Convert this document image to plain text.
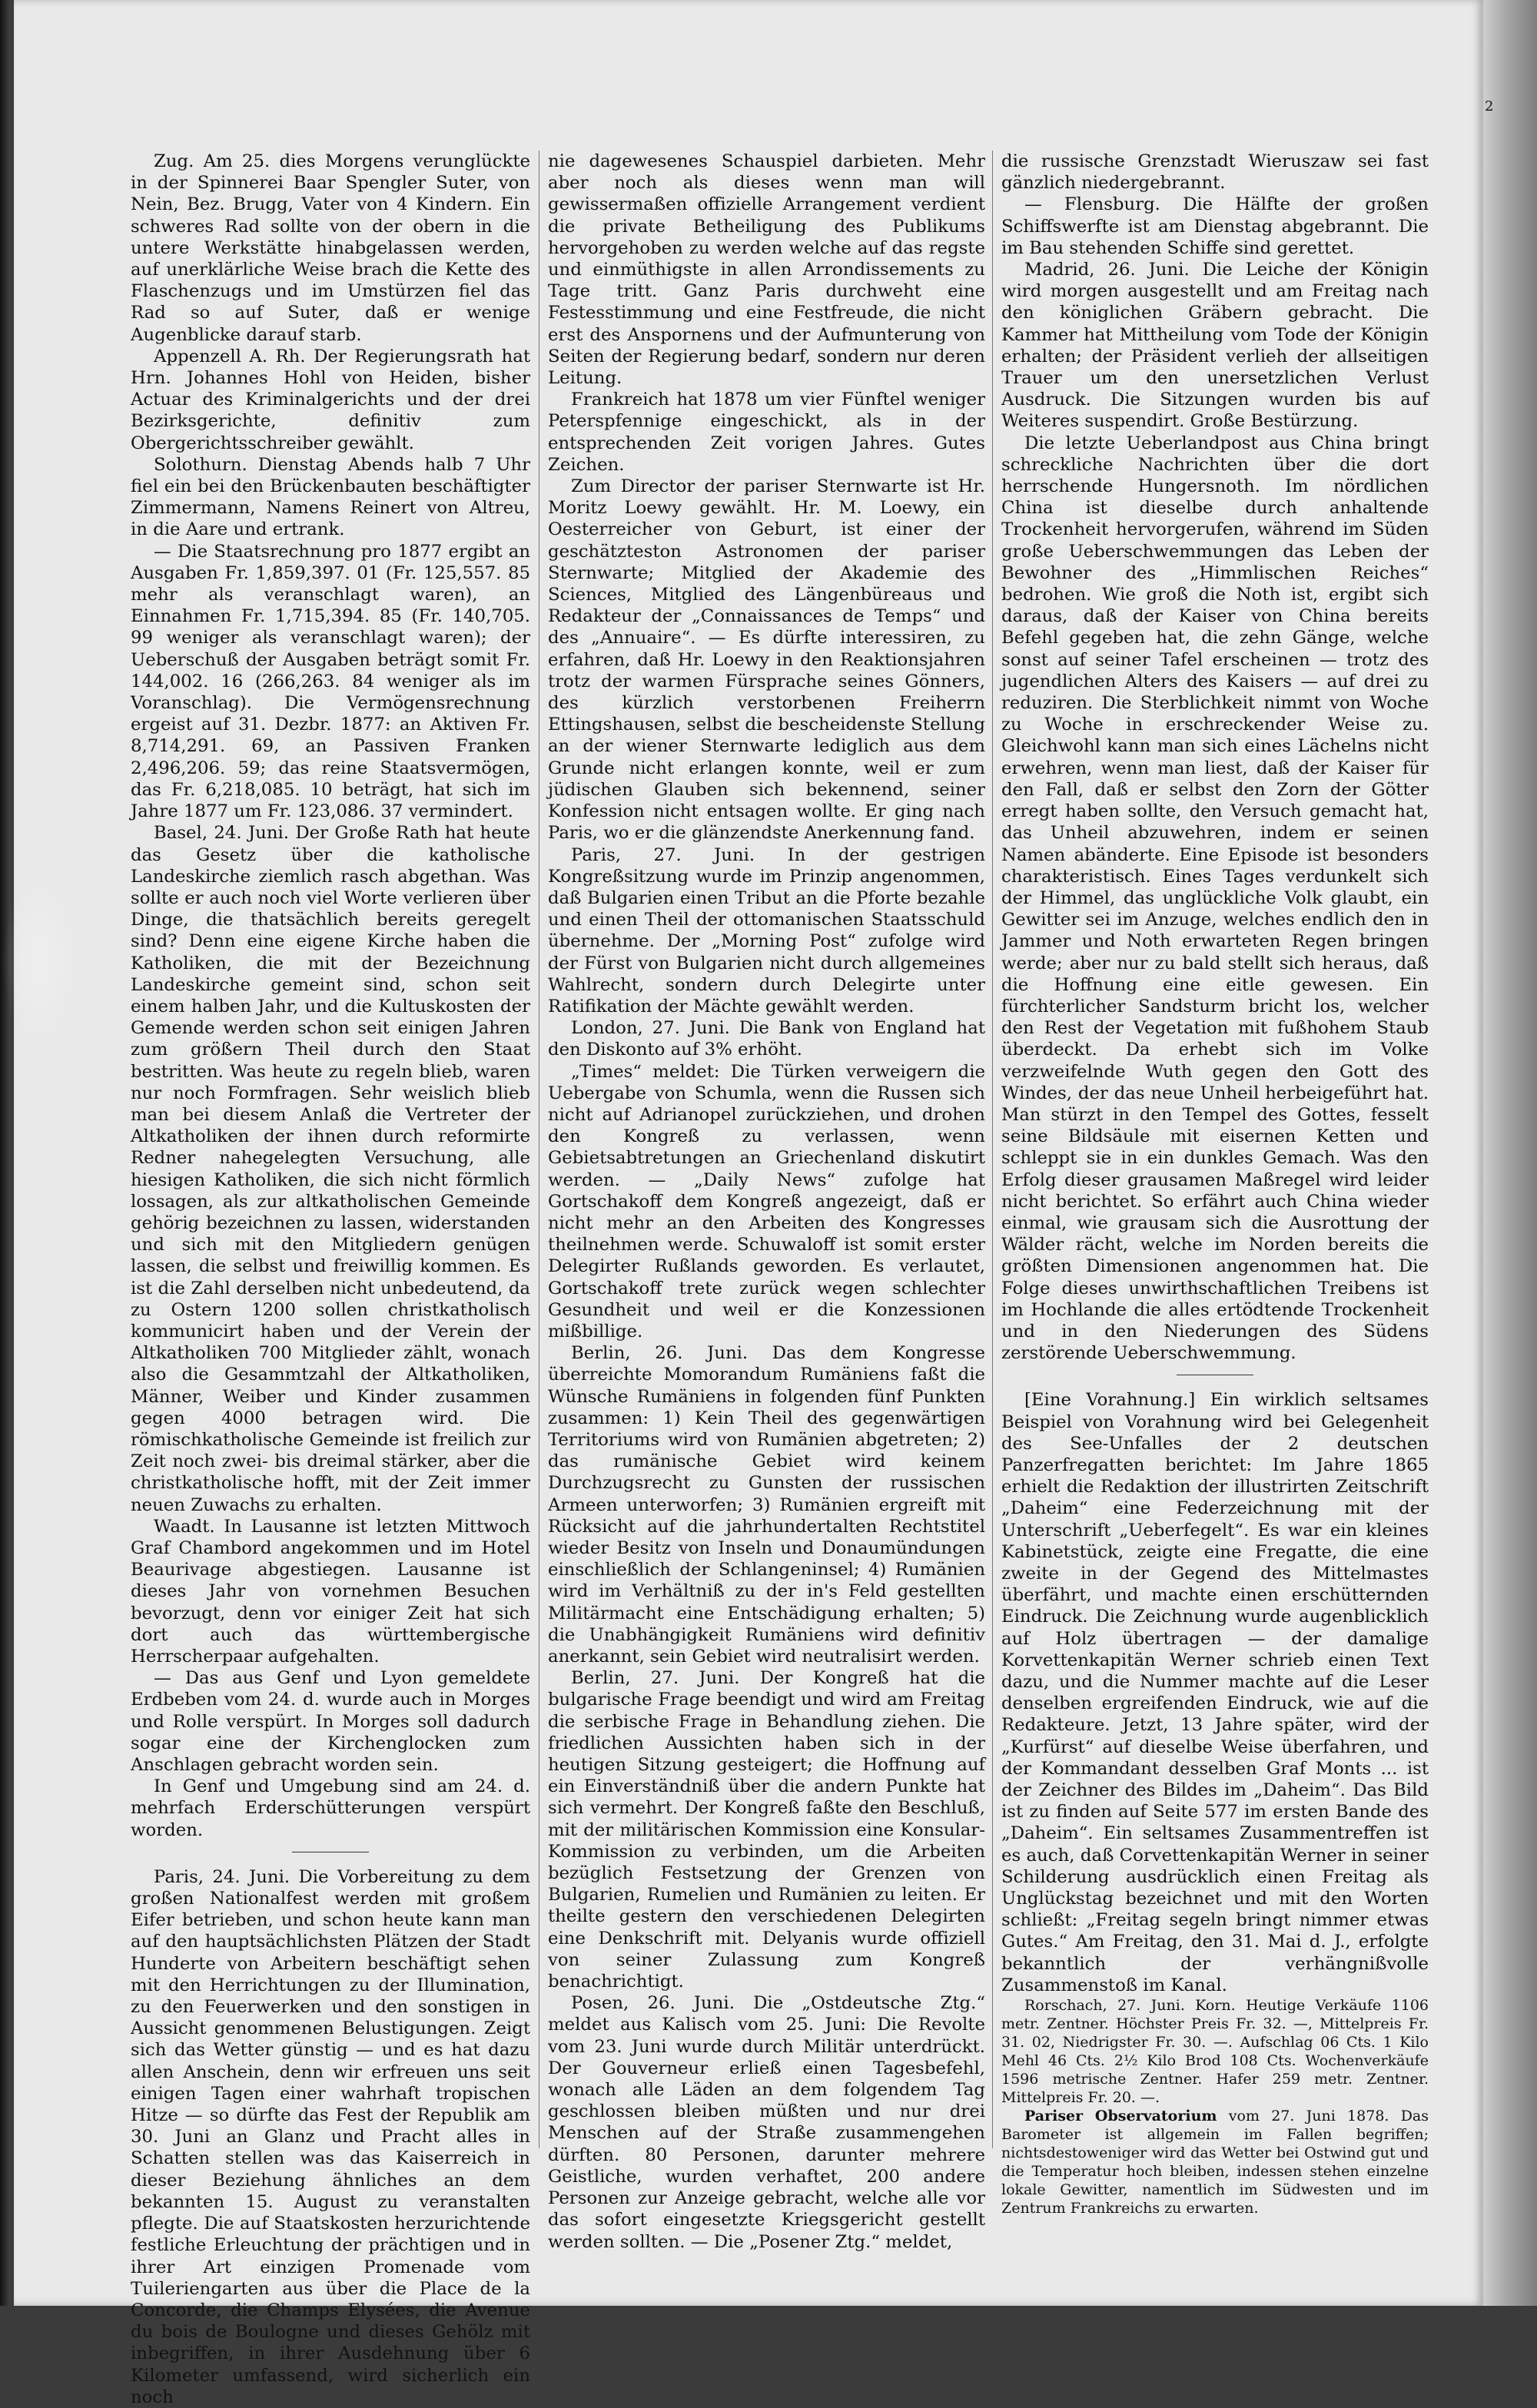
2

Zug. Am 25. dies Morgens verunglückte in der Spinnerei Baar Spengler Suter, von Nein, Bez. Brugg, Vater von 4 Kindern. Ein schweres Rad sollte von der obern in die untere Werkstätte hinabgelassen werden, auf unerklärliche Weise brach die Kette des Flaschenzugs und im Umstürzen fiel das Rad so auf Suter, daß er wenige Augenblicke darauf starb.

Appenzell A. Rh. Der Regierungsrath hat Hrn. Johannes Hohl von Heiden, bisher Actuar des Kriminalgerichts und der drei Bezirksgerichte, definitiv zum Obergerichtsschreiber gewählt.

Solothurn. Dienstag Abends halb 7 Uhr fiel ein bei den Brückenbauten beschäftigter Zimmermann, Namens Reinert von Altreu, in die Aare und ertrank.

— Die Staatsrechnung pro 1877 ergibt an Ausgaben Fr. 1,859,397. 01 (Fr. 125,557. 85 mehr als veranschlagt waren), an Einnahmen Fr. 1,715,394. 85 (Fr. 140,705. 99 weniger als veranschlagt waren); der Ueberschuß der Ausgaben beträgt somit Fr. 144,002. 16 (266,263. 84 weniger als im Voranschlag). Die Vermögensrechnung ergeist auf 31. Dezbr. 1877: an Aktiven Fr. 8,714,291. 69, an Passiven Franken 2,496,206. 59; das reine Staatsvermögen, das Fr. 6,218,085. 10 beträgt, hat sich im Jahre 1877 um Fr. 123,086. 37 vermindert.

Basel, 24. Juni. Der Große Rath hat heute das Gesetz über die katholische Landeskirche ziemlich rasch abgethan. Was sollte er auch noch viel Worte verlieren über Dinge, die thatsächlich bereits geregelt sind? Denn eine eigene Kirche haben die Katholiken, die mit der Bezeichnung Landeskirche gemeint sind, schon seit einem halben Jahr, und die Kultuskosten der Gemende werden schon seit einigen Jahren zum größern Theil durch den Staat bestritten. Was heute zu regeln blieb, waren nur noch Formfragen. Sehr weislich blieb man bei diesem Anlaß die Vertreter der Altkatholiken der ihnen durch reformirte Redner nahegelegten Versuchung, alle hiesigen Katholiken, die sich nicht förmlich lossagen, als zur altkatholischen Gemeinde gehörig bezeichnen zu lassen, widerstanden und sich mit den Mitgliedern genügen lassen, die selbst und freiwillig kommen. Es ist die Zahl derselben nicht unbedeutend, da zu Ostern 1200 sollen christkatholisch kommunicirt haben und der Verein der Altkatholiken 700 Mitglieder zählt, wonach also die Gesammtzahl der Altkatholiken, Männer, Weiber und Kinder zusammen gegen 4000 betragen wird. Die römischkatholische Gemeinde ist freilich zur Zeit noch zwei- bis dreimal stärker, aber die christkatholische hofft, mit der Zeit immer neuen Zuwachs zu erhalten.

Waadt. In Lausanne ist letzten Mittwoch Graf Chambord angekommen und im Hotel Beaurivage abgestiegen. Lausanne ist dieses Jahr von vornehmen Besuchen bevorzugt, denn vor einiger Zeit hat sich dort auch das württembergische Herrscherpaar aufgehalten.

— Das aus Genf und Lyon gemeldete Erdbeben vom 24. d. wurde auch in Morges und Rolle verspürt. In Morges soll dadurch sogar eine der Kirchenglocken zum Anschlagen gebracht worden sein.

In Genf und Umgebung sind am 24. d. mehrfach Erderschütterungen verspürt worden.

Paris, 24. Juni. Die Vorbereitung zu dem großen Nationalfest werden mit großem Eifer betrieben, und schon heute kann man auf den hauptsächlichsten Plätzen der Stadt Hunderte von Arbeitern beschäftigt sehen mit den Herrichtungen zu der Illumination, zu den Feuerwerken und den sonstigen in Aussicht genommenen Belustigungen. Zeigt sich das Wetter günstig — und es hat dazu allen Anschein, denn wir erfreuen uns seit einigen Tagen einer wahrhaft tropischen Hitze — so dürfte das Fest der Republik am 30. Juni an Glanz und Pracht alles in Schatten stellen was das Kaiserreich in dieser Beziehung ähnliches an dem bekannten 15. August zu veranstalten pflegte. Die auf Staatskosten herzurichtende festliche Erleuchtung der prächtigen und in ihrer Art einzigen Promenade vom Tuileriengarten aus über die Place de la Concorde, die Champs Elysées, die Avenue du bois de Boulogne und dieses Gehölz mit inbegriffen, in ihrer Ausdehnung über 6 Kilometer umfassend, wird sicherlich ein noch

nie dagewesenes Schauspiel darbieten. Mehr aber noch als dieses wenn man will gewissermaßen offizielle Arrangement verdient die private Betheiligung des Publikums hervorgehoben zu werden welche auf das regste und einmüthigste in allen Arrondissements zu Tage tritt. Ganz Paris durchweht eine Festesstimmung und eine Festfreude, die nicht erst des Anspornens und der Aufmunterung von Seiten der Regierung bedarf, sondern nur deren Leitung.

Frankreich hat 1878 um vier Fünftel weniger Peterspfennige eingeschickt, als in der entsprechenden Zeit vorigen Jahres. Gutes Zeichen.

Zum Director der pariser Sternwarte ist Hr. Moritz Loewy gewählt. Hr. M. Loewy, ein Oesterreicher von Geburt, ist einer der geschätzteston Astronomen der pariser Sternwarte; Mitglied der Akademie des Sciences, Mitglied des Längenbüreaus und Redakteur der „Connaissances de Temps“ und des „Annuaire“. — Es dürfte interessiren, zu erfahren, daß Hr. Loewy in den Reaktionsjahren trotz der warmen Fürsprache seines Gönners, des kürzlich verstorbenen Freiherrn Ettingshausen, selbst die bescheidenste Stellung an der wiener Sternwarte lediglich aus dem Grunde nicht erlangen konnte, weil er zum jüdischen Glauben sich bekennend, seiner Konfession nicht entsagen wollte. Er ging nach Paris, wo er die glänzendste Anerkennung fand.

Paris, 27. Juni. In der gestrigen Kongreßsitzung wurde im Prinzip angenommen, daß Bulgarien einen Tribut an die Pforte bezahle und einen Theil der ottomanischen Staatsschuld übernehme. Der „Morning Post“ zufolge wird der Fürst von Bulgarien nicht durch allgemeines Wahlrecht, sondern durch Delegirte unter Ratifikation der Mächte gewählt werden.

London, 27. Juni. Die Bank von England hat den Diskonto auf 3% erhöht.

„Times“ meldet: Die Türken verweigern die Uebergabe von Schumla, wenn die Russen sich nicht auf Adrianopel zurückziehen, und drohen den Kongreß zu verlassen, wenn Gebietsabtretungen an Griechenland diskutirt werden. — „Daily News“ zufolge hat Gortschakoff dem Kongreß angezeigt, daß er nicht mehr an den Arbeiten des Kongresses theilnehmen werde. Schuwaloff ist somit erster Delegirter Rußlands geworden. Es verlautet, Gortschakoff trete zurück wegen schlechter Gesundheit und weil er die Konzessionen mißbillige.

Berlin, 26. Juni. Das dem Kongresse überreichte Momorandum Rumäniens faßt die Wünsche Rumäniens in folgenden fünf Punkten zusammen: 1) Kein Theil des gegenwärtigen Territoriums wird von Rumänien abgetreten; 2) das rumänische Gebiet wird keinem Durchzugsrecht zu Gunsten der russischen Armeen unterworfen; 3) Rumänien ergreift mit Rücksicht auf die jahrhundertalten Rechtstitel wieder Besitz von Inseln und Donaumündungen einschließlich der Schlangeninsel; 4) Rumänien wird im Verhältniß zu der in's Feld gestellten Militärmacht eine Entschädigung erhalten; 5) die Unabhängigkeit Rumäniens wird definitiv anerkannt, sein Gebiet wird neutralisirt werden.

Berlin, 27. Juni. Der Kongreß hat die bulgarische Frage beendigt und wird am Freitag die serbische Frage in Behandlung ziehen. Die friedlichen Aussichten haben sich in der heutigen Sitzung gesteigert; die Hoffnung auf ein Einverständniß über die andern Punkte hat sich vermehrt. Der Kongreß faßte den Beschluß, mit der militärischen Kommission eine Konsular-Kommission zu verbinden, um die Arbeiten bezüglich Festsetzung der Grenzen von Bulgarien, Rumelien und Rumänien zu leiten. Er theilte gestern den verschiedenen Delegirten eine Denkschrift mit. Delyanis wurde offiziell von seiner Zulassung zum Kongreß benachrichtigt.

Posen, 26. Juni. Die „Ostdeutsche Ztg.“ meldet aus Kalisch vom 25. Juni: Die Revolte vom 23. Juni wurde durch Militär unterdrückt. Der Gouverneur erließ einen Tagesbefehl, wonach alle Läden an dem folgendem Tag geschlossen bleiben müßten und nur drei Menschen auf der Straße zusammengehen dürften. 80 Personen, darunter mehrere Geistliche, wurden verhaftet, 200 andere Personen zur Anzeige gebracht, welche alle vor das sofort eingesetzte Kriegsgericht gestellt werden sollten. — Die „Posener Ztg.“ meldet,

die russische Grenzstadt Wieruszaw sei fast gänzlich niedergebrannt.

— Flensburg. Die Hälfte der großen Schiffswerfte ist am Dienstag abgebrannt. Die im Bau stehenden Schiffe sind gerettet.

Madrid, 26. Juni. Die Leiche der Königin wird morgen ausgestellt und am Freitag nach den königlichen Gräbern gebracht. Die Kammer hat Mittheilung vom Tode der Königin erhalten; der Präsident verlieh der allseitigen Trauer um den unersetzlichen Verlust Ausdruck. Die Sitzungen wurden bis auf Weiteres suspendirt. Große Bestürzung.

Die letzte Ueberlandpost aus China bringt schreckliche Nachrichten über die dort herrschende Hungersnoth. Im nördlichen China ist dieselbe durch anhaltende Trockenheit hervorgerufen, während im Süden große Ueberschwemmungen das Leben der Bewohner des „Himmlischen Reiches“ bedrohen. Wie groß die Noth ist, ergibt sich daraus, daß der Kaiser von China bereits Befehl gegeben hat, die zehn Gänge, welche sonst auf seiner Tafel erscheinen — trotz des jugendlichen Alters des Kaisers — auf drei zu reduziren. Die Sterblichkeit nimmt von Woche zu Woche in erschreckender Weise zu. Gleichwohl kann man sich eines Lächelns nicht erwehren, wenn man liest, daß der Kaiser für den Fall, daß er selbst den Zorn der Götter erregt haben sollte, den Versuch gemacht hat, das Unheil abzuwehren, indem er seinen Namen abänderte. Eine Episode ist besonders charakteristisch. Eines Tages verdunkelt sich der Himmel, das unglückliche Volk glaubt, ein Gewitter sei im Anzuge, welches endlich den in Jammer und Noth erwarteten Regen bringen werde; aber nur zu bald stellt sich heraus, daß die Hoffnung eine eitle gewesen. Ein fürchterlicher Sandsturm bricht los, welcher den Rest der Vegetation mit fußhohem Staub überdeckt. Da erhebt sich im Volke verzweifelnde Wuth gegen den Gott des Windes, der das neue Unheil herbeigeführt hat. Man stürzt in den Tempel des Gottes, fesselt seine Bildsäule mit eisernen Ketten und schleppt sie in ein dunkles Gemach. Was den Erfolg dieser grausamen Maßregel wird leider nicht berichtet. So erfährt auch China wieder einmal, wie grausam sich die Ausrottung der Wälder rächt, welche im Norden bereits die größten Dimensionen angenommen hat. Die Folge dieses unwirthschaftlichen Treibens ist im Hochlande die alles ertödtende Trockenheit und in den Niederungen des Südens zerstörende Ueberschwemmung.

[Eine Vorahnung.] Ein wirklich seltsames Beispiel von Vorahnung wird bei Gelegenheit des See-Unfalles der 2 deutschen Panzerfregatten berichtet: Im Jahre 1865 erhielt die Redaktion der illustrirten Zeitschrift „Daheim“ eine Federzeichnung mit der Unterschrift „Ueberfegelt“. Es war ein kleines Kabinetstück, zeigte eine Fregatte, die eine zweite in der Gegend des Mittelmastes überfährt, und machte einen erschütternden Eindruck. Die Zeichnung wurde augenblicklich auf Holz übertragen — der damalige Korvettenkapitän Werner schrieb einen Text dazu, und die Nummer machte auf die Leser denselben ergreifenden Eindruck, wie auf die Redakteure. Jetzt, 13 Jahre später, wird der „Kurfürst“ auf dieselbe Weise überfahren, und der Kommandant desselben Graf Monts ... ist der Zeichner des Bildes im „Daheim“. Das Bild ist zu finden auf Seite 577 im ersten Bande des „Daheim“. Ein seltsames Zusammentreffen ist es auch, daß Corvettenkapitän Werner in seiner Schilderung ausdrücklich einen Freitag als Unglückstag bezeichnet und mit den Worten schließt: „Freitag segeln bringt nimmer etwas Gutes.“ Am Freitag, den 31. Mai d. J., erfolgte bekanntlich der verhängnißvolle Zusammenstoß im Kanal.

Rorschach, 27. Juni. Korn. Heutige Verkäufe 1106 metr. Zentner. Höchster Preis Fr. 32. —, Mittelpreis Fr. 31. 02, Niedrigster Fr. 30. —. Aufschlag 06 Cts. 1 Kilo Mehl 46 Cts. 2½ Kilo Brod 108 Cts. Wochenverkäufe 1596 metrische Zentner. Hafer 259 metr. Zentner. Mittelpreis Fr. 20. —.

Pariser Observatorium vom 27. Juni 1878. Das Barometer ist allgemein im Fallen begriffen; nichtsdestoweniger wird das Wetter bei Ostwind gut und die Temperatur hoch bleiben, indessen stehen einzelne lokale Gewitter, namentlich im Südwesten und im Zentrum Frankreichs zu erwarten.
